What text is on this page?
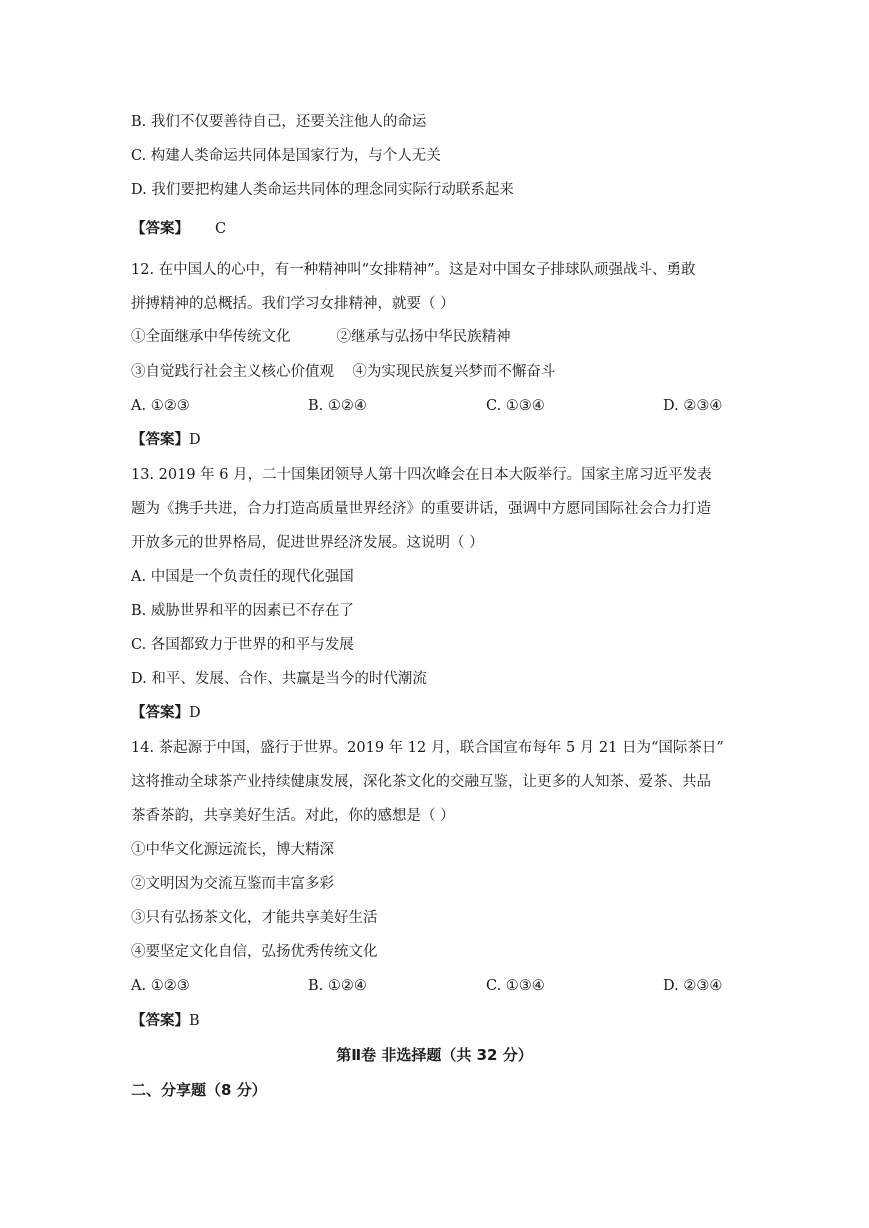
B. 我们不仅要善待自己，还要关注他人的命运
C. 构建人类命运共同体是国家行为，与个人无关
D. 我们要把构建人类命运共同体的理念同实际行动联系起来
【答案】 C
12. 在中国人的心中，有一种精神叫“女排精神”。这是对中国女子排球队顽强战斗、勇敢
拼搏精神的总概括。我们学习女排精神，就要（ ）
①全面继承中华传统文化          ②继承与弘扬中华民族精神
③自觉践行社会主义核心价值观    ④为实现民族复兴梦而不懈奋斗
A. ①②③	B. ①②④	C. ①③④	D. ②③④
【答案】D
13. 2019 年 6 月，二十国集团领导人第十四次峰会在日本大阪举行。国家主席习近平发表
题为《携手共进，合力打造高质量世界经济》的重要讲话，强调中方愿同国际社会合力打造
开放多元的世界格局，促进世界经济发展。这说明（ ）
A. 中国是一个负责任的现代化强国
B. 威胁世界和平的因素已不存在了
C. 各国都致力于世界的和平与发展
D. 和平、发展、合作、共赢是当今的时代潮流
【答案】D
14. 茶起源于中国，盛行于世界。2019 年 12 月，联合国宣布每年 5 月 21 日为“国际茶日”
这将推动全球茶产业持续健康发展，深化茶文化的交融互鉴，让更多的人知茶、爱茶、共品
茶香茶韵，共享美好生活。对此，你的感想是（ ）
①中华文化源远流长，博大精深
②文明因为交流互鉴而丰富多彩
③只有弘扬茶文化，才能共享美好生活
④要坚定文化自信，弘扬优秀传统文化
A. ①②③	B. ①②④	C. ①③④	D. ②③④
【答案】B
第Ⅱ卷 非选择题（共 32 分）
二、分享题（8 分）
